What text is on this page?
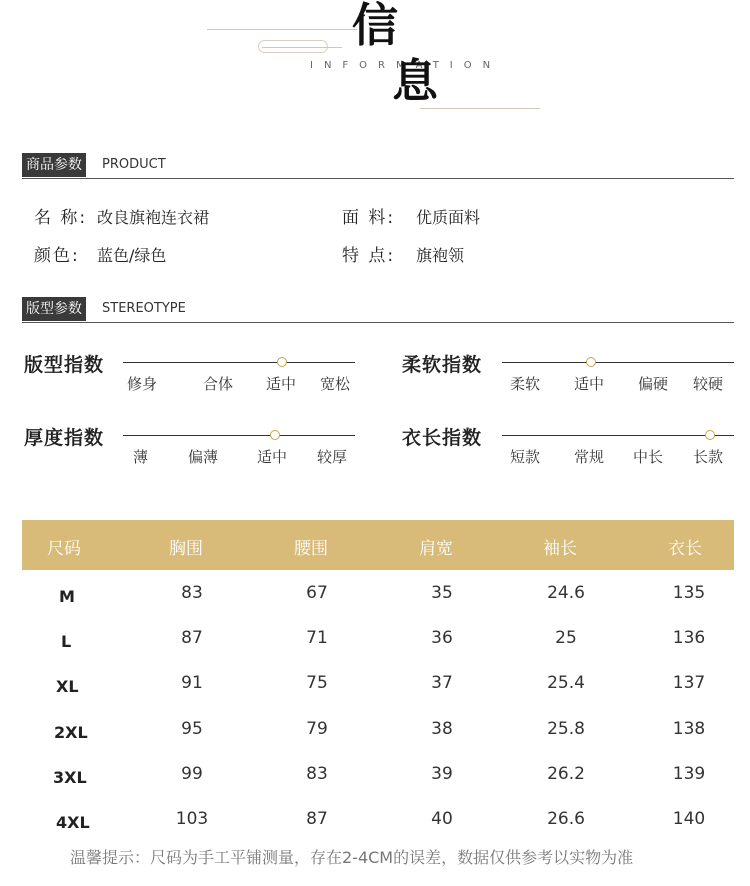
信
INFORMATION
息
商品参数	PRODUCT
名 称: 改良旗袍连衣裙	面 料: 优质面料
颜色: 蓝色/绿色	特 点: 旗袍领
版型参数	STEREOTYPE
版型指数
修身	合体 适中 宽松
柔软指数
柔软 适中 偏硬 较硬
厚度指数
薄	偏薄	适中 较厚
衣长指数
短款 常规 中长 长款
尺码	胸围	腰围	肩宽	袖长	衣长
M	83	67	35	24.6	135
L	87	71	36	25	136
XL	91	75	37	25.4	137
2XL	95	79	38	25.8	138
3XL	99	83	39	26.2	139
4XL	103	87	40	26.6	140
温馨提示：尺码为手工平铺测量，存在2-4CM的误差，数据仅供参考以实物为准
